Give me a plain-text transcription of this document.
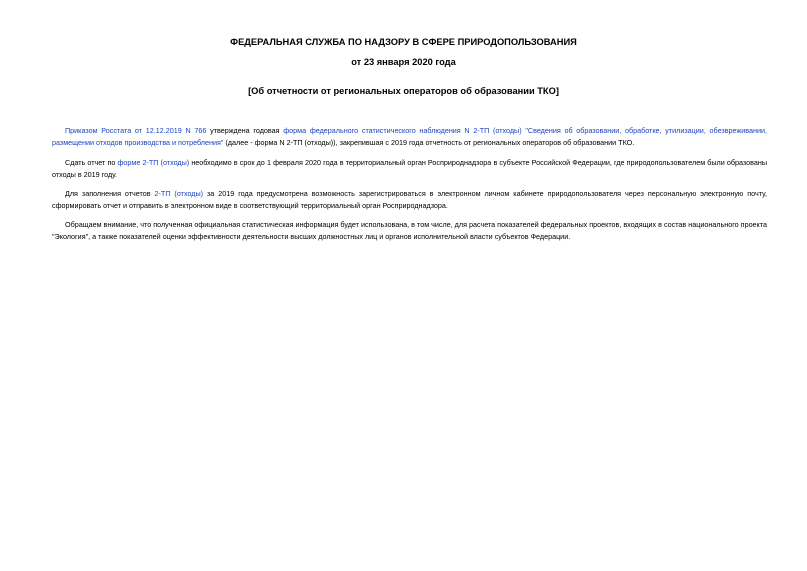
ФЕДЕРАЛЬНАЯ СЛУЖБА ПО НАДЗОРУ В СФЕРЕ ПРИРОДОПОЛЬЗОВАНИЯ
от 23 января 2020 года
[Об отчетности от региональных операторов об образовании ТКО]
Приказом Росстата от 12.12.2019 N 766 утверждена годовая форма федерального статистического наблюдения N 2-ТП (отходы) "Сведения об образовании, обработке, утилизации, обезвреживании, размещении отходов производства и потребления" (далее - форма N 2-ТП (отходы)), закрепившая с 2019 года отчетность от региональных операторов об образовании ТКО.
Сдать отчет по форме 2-ТП (отходы) необходимо в срок до 1 февраля 2020 года в территориальный орган Росприроднадзора в субъекте Российской Федерации, где природопользователем были образованы отходы в 2019 году.
Для заполнения отчетов 2-ТП (отходы) за 2019 года предусмотрена возможность зарегистрироваться в электронном личном кабинете природопользователя через персональную электронную почту, сформировать отчет и отправить в электронном виде в соответствующий территориальный орган Росприроднадзора.
Обращаем внимание, что полученная официальная статистическая информация будет использована, в том числе, для расчета показателей федеральных проектов, входящих в состав национального проекта "Экология", а также показателей оценки эффективности деятельности высших должностных лиц и органов исполнительной власти субъектов Федерации.
